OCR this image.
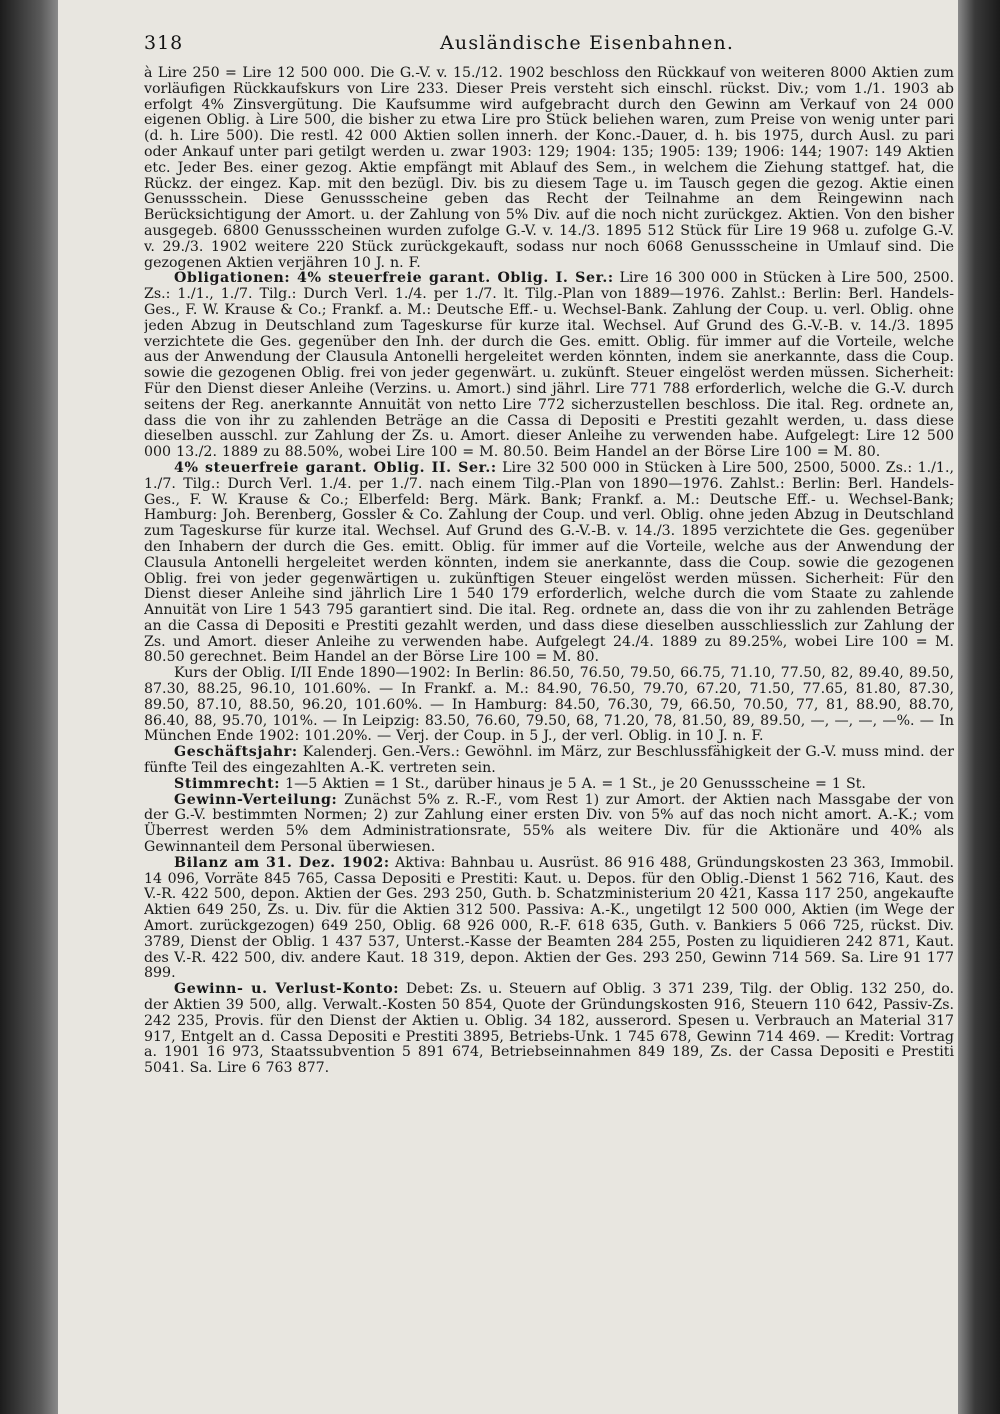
318	Ausländische Eisenbahnen.

à Lire 250 = Lire 12 500 000. Die G.-V. v. 15./12. 1902 beschloss den Rückkauf von weiteren 8000 Aktien zum vorläufigen Rückkaufskurs von Lire 233. Dieser Preis versteht sich einschl. rückst. Div.; vom 1./1. 1903 ab erfolgt 4% Zinsvergütung. Die Kaufsumme wird aufgebracht durch den Gewinn am Verkauf von 24 000 eigenen Oblig. à Lire 500, die bisher zu etwa Lire pro Stück beliehen waren, zum Preise von wenig unter pari (d. h. Lire 500). Die restl. 42 000 Aktien sollen innerh. der Konc.-Dauer, d. h. bis 1975, durch Ausl. zu pari oder Ankauf unter pari getilgt werden u. zwar 1903: 129; 1904: 135; 1905: 139; 1906: 144; 1907: 149 Aktien etc. Jeder Bes. einer gezog. Aktie empfängt mit Ablauf des Sem., in welchem die Ziehung stattgef. hat, die Rückz. der eingez. Kap. mit den bezügl. Div. bis zu diesem Tage u. im Tausch gegen die gezog. Aktie einen Genussschein. Diese Genussscheine geben das Recht der Teilnahme an dem Reingewinn nach Berücksichtigung der Amort. u. der Zahlung von 5% Div. auf die noch nicht zurückgez. Aktien. Von den bisher ausgegeb. 6800 Genussscheinen wurden zufolge G.-V. v. 14./3. 1895 512 Stück für Lire 19 968 u. zufolge G.-V. v. 29./3. 1902 weitere 220 Stück zurückgekauft, sodass nur noch 6068 Genussscheine in Umlauf sind. Die gezogenen Aktien verjähren 10 J. n. F.

Obligationen: 4% steuerfreie garant. Oblig. I. Ser.: Lire 16 300 000 in Stücken à Lire 500, 2500. Zs.: 1./1., 1./7. Tilg.: Durch Verl. 1./4. per 1./7. lt. Tilg.-Plan von 1889—1976. Zahlst.: Berlin: Berl. Handels-Ges., F. W. Krause & Co.; Frankf. a. M.: Deutsche Eff.- u. Wechsel-Bank. Zahlung der Coup. u. verl. Oblig. ohne jeden Abzug in Deutschland zum Tageskurse für kurze ital. Wechsel. Auf Grund des G.-V.-B. v. 14./3. 1895 verzichtete die Ges. gegenüber den Inh. der durch die Ges. emitt. Oblig. für immer auf die Vorteile, welche aus der Anwendung der Clausula Antonelli hergeleitet werden könnten, indem sie anerkannte, dass die Coup. sowie die gezogenen Oblig. frei von jeder gegenwärt. u. zukünft. Steuer eingelöst werden müssen. Sicherheit: Für den Dienst dieser Anleihe (Verzins. u. Amort.) sind jährl. Lire 771 788 erforderlich, welche die G.-V. durch seitens der Reg. anerkannte Annuität von netto Lire 772 sicherzustellen beschloss. Die ital. Reg. ordnete an, dass die von ihr zu zahlenden Beträge an die Cassa di Depositi e Prestiti gezahlt werden, u. dass diese dieselben ausschl. zur Zahlung der Zs. u. Amort. dieser Anleihe zu verwenden habe. Aufgelegt: Lire 12 500 000 13./2. 1889 zu 88.50%, wobei Lire 100 = M. 80.50. Beim Handel an der Börse Lire 100 = M. 80.

4% steuerfreie garant. Oblig. II. Ser.: Lire 32 500 000 in Stücken à Lire 500, 2500, 5000. Zs.: 1./1., 1./7. Tilg.: Durch Verl. 1./4. per 1./7. nach einem Tilg.-Plan von 1890—1976. Zahlst.: Berlin: Berl. Handels-Ges., F. W. Krause & Co.; Elberfeld: Berg. Märk. Bank; Frankf. a. M.: Deutsche Eff.- u. Wechsel-Bank; Hamburg: Joh. Berenberg, Gossler & Co. Zahlung der Coup. und verl. Oblig. ohne jeden Abzug in Deutschland zum Tageskurse für kurze ital. Wechsel. Auf Grund des G.-V.-B. v. 14./3. 1895 verzichtete die Ges. gegenüber den Inhabern der durch die Ges. emitt. Oblig. für immer auf die Vorteile, welche aus der Anwendung der Clausula Antonelli hergeleitet werden könnten, indem sie anerkannte, dass die Coup. sowie die gezogenen Oblig. frei von jeder gegenwärtigen u. zukünftigen Steuer eingelöst werden müssen. Sicherheit: Für den Dienst dieser Anleihe sind jährlich Lire 1 540 179 erforderlich, welche durch die vom Staate zu zahlende Annuität von Lire 1 543 795 garantiert sind. Die ital. Reg. ordnete an, dass die von ihr zu zahlenden Beträge an die Cassa di Depositi e Prestiti gezahlt werden, und dass diese dieselben ausschliesslich zur Zahlung der Zs. und Amort. dieser Anleihe zu verwenden habe. Aufgelegt 24./4. 1889 zu 89.25%, wobei Lire 100 = M. 80.50 gerechnet. Beim Handel an der Börse Lire 100 = M. 80.

Kurs der Oblig. I/II Ende 1890—1902: In Berlin: 86.50, 76.50, 79.50, 66.75, 71.10, 77.50, 82, 89.40, 89.50, 87.30, 88.25, 96.10, 101.60%. — In Frankf. a. M.: 84.90, 76.50, 79.70, 67.20, 71.50, 77.65, 81.80, 87.30, 89.50, 87.10, 88.50, 96.20, 101.60%. — In Hamburg: 84.50, 76.30, 79, 66.50, 70.50, 77, 81, 88.90, 88.70, 86.40, 88, 95.70, 101%. — In Leipzig: 83.50, 76.60, 79.50, 68, 71.20, 78, 81.50, 89, 89.50, —, —, —, —%. — In München Ende 1902: 101.20%. — Verj. der Coup. in 5 J., der verl. Oblig. in 10 J. n. F.

Geschäftsjahr: Kalenderj. Gen.-Vers.: Gewöhnl. im März, zur Beschlussfähigkeit der G.-V. muss mind. der fünfte Teil des eingezahlten A.-K. vertreten sein.

Stimmrecht: 1—5 Aktien = 1 St., darüber hinaus je 5 A. = 1 St., je 20 Genussscheine = 1 St.

Gewinn-Verteilung: Zunächst 5% z. R.-F., vom Rest 1) zur Amort. der Aktien nach Massgabe der von der G.-V. bestimmten Normen; 2) zur Zahlung einer ersten Div. von 5% auf das noch nicht amort. A.-K.; vom Überrest werden 5% dem Administrationsrate, 55% als weitere Div. für die Aktionäre und 40% als Gewinnanteil dem Personal überwiesen.

Bilanz am 31. Dez. 1902: Aktiva: Bahnbau u. Ausrüst. 86 916 488, Gründungskosten 23 363, Immobil. 14 096, Vorräte 845 765, Cassa Depositi e Prestiti: Kaut. u. Depos. für den Oblig.-Dienst 1 562 716, Kaut. des V.-R. 422 500, depon. Aktien der Ges. 293 250, Guth. b. Schatzministerium 20 421, Kassa 117 250, angekaufte Aktien 649 250, Zs. u. Div. für die Aktien 312 500. Passiva: A.-K., ungetilgt 12 500 000, Aktien (im Wege der Amort. zurückgezogen) 649 250, Oblig. 68 926 000, R.-F. 618 635, Guth. v. Bankiers 5 066 725, rückst. Div. 3789, Dienst der Oblig. 1 437 537, Unterst.-Kasse der Beamten 284 255, Posten zu liquidieren 242 871, Kaut. des V.-R. 422 500, div. andere Kaut. 18 319, depon. Aktien der Ges. 293 250, Gewinn 714 569. Sa. Lire 91 177 899.

Gewinn- u. Verlust-Konto: Debet: Zs. u. Steuern auf Oblig. 3 371 239, Tilg. der Oblig. 132 250, do. der Aktien 39 500, allg. Verwalt.-Kosten 50 854, Quote der Gründungskosten 916, Steuern 110 642, Passiv-Zs. 242 235, Provis. für den Dienst der Aktien u. Oblig. 34 182, ausserord. Spesen u. Verbrauch an Material 317 917, Entgelt an d. Cassa Depositi e Prestiti 3895, Betriebs-Unk. 1 745 678, Gewinn 714 469. — Kredit: Vortrag a. 1901 16 973, Staatssubvention 5 891 674, Betriebseinnahmen 849 189, Zs. der Cassa Depositi e Prestiti 5041. Sa. Lire 6 763 877.
